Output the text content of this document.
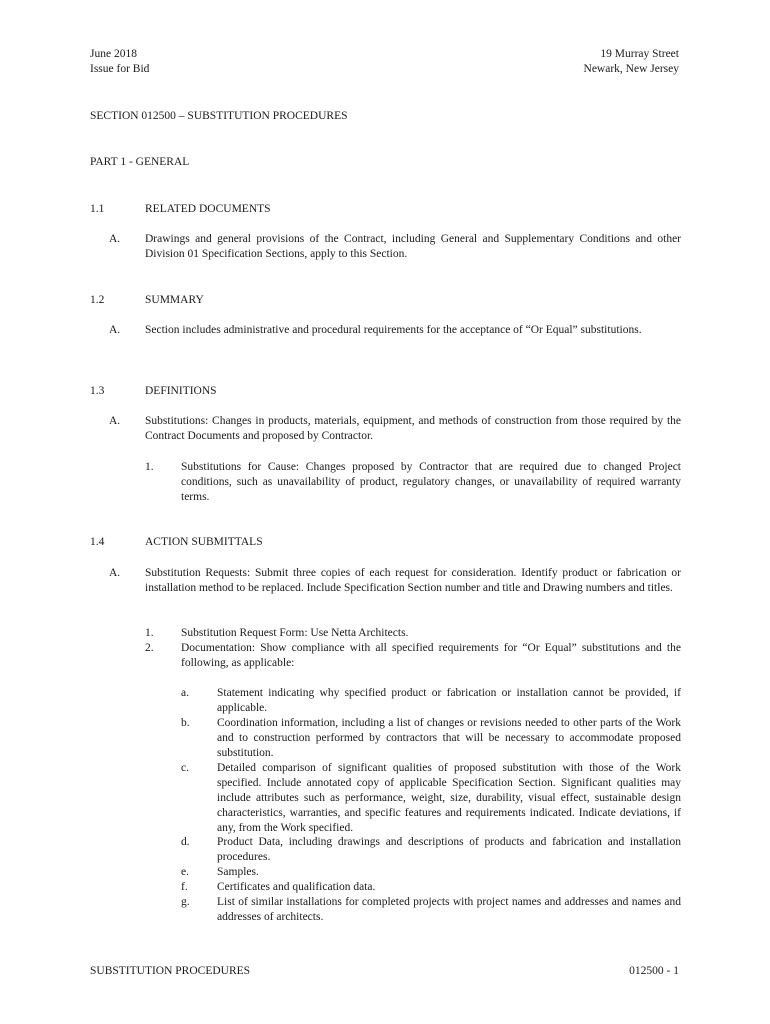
June 2018
Issue for Bid
19 Murray Street
Newark, New Jersey
SECTION 012500 – SUBSTITUTION PROCEDURES
PART 1 - GENERAL
1.1	RELATED DOCUMENTS
A. Drawings and general provisions of the Contract, including General and Supplementary Conditions and other Division 01 Specification Sections, apply to this Section.
1.2	SUMMARY
A. Section includes administrative and procedural requirements for the acceptance of “Or Equal” substitutions.
1.3	DEFINITIONS
A. Substitutions: Changes in products, materials, equipment, and methods of construction from those required by the Contract Documents and proposed by Contractor.
1. Substitutions for Cause: Changes proposed by Contractor that are required due to changed Project conditions, such as unavailability of product, regulatory changes, or unavailability of required warranty terms.
1.4	ACTION SUBMITTALS
A. Substitution Requests: Submit three copies of each request for consideration. Identify product or fabrication or installation method to be replaced. Include Specification Section number and title and Drawing numbers and titles.
1. Substitution Request Form: Use Netta Architects.
2. Documentation: Show compliance with all specified requirements for “Or Equal” substitutions and the following, as applicable:
a. Statement indicating why specified product or fabrication or installation cannot be provided, if applicable.
b. Coordination information, including a list of changes or revisions needed to other parts of the Work and to construction performed by contractors that will be necessary to accommodate proposed substitution.
c. Detailed comparison of significant qualities of proposed substitution with those of the Work specified. Include annotated copy of applicable Specification Section. Significant qualities may include attributes such as performance, weight, size, durability, visual effect, sustainable design characteristics, warranties, and specific features and requirements indicated. Indicate deviations, if any, from the Work specified.
d. Product Data, including drawings and descriptions of products and fabrication and installation procedures.
e. Samples.
f.	Certificates and qualification data.
g. List of similar installations for completed projects with project names and addresses and names and addresses of architects.
SUBSTITUTION PROCEDURES	012500 - 1
